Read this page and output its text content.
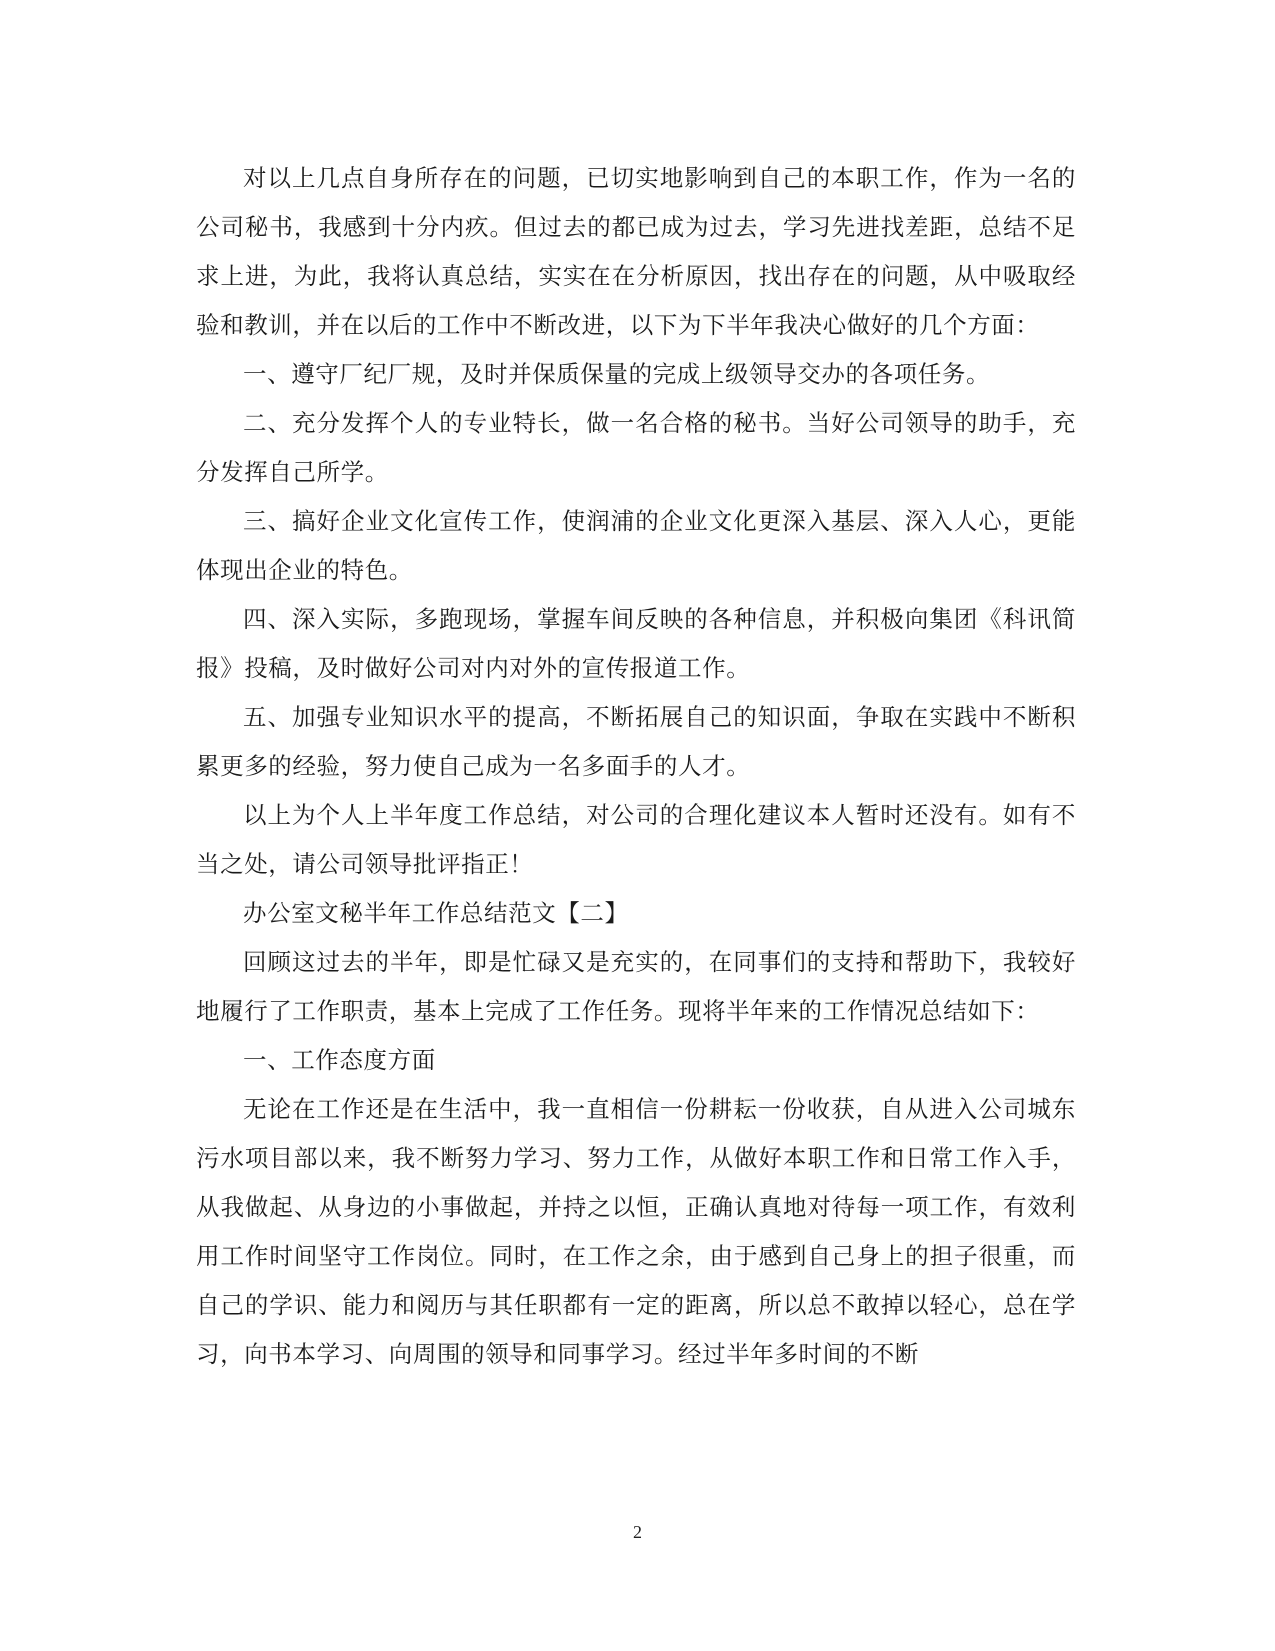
对以上几点自身所存在的问题，已切实地影响到自己的本职工作，作为一名的公司秘书，我感到十分内疚。但过去的都已成为过去，学习先进找差距，总结不足求上进，为此，我将认真总结，实实在在分析原因，找出存在的问题，从中吸取经验和教训，并在以后的工作中不断改进，以下为下半年我决心做好的几个方面：

一、遵守厂纪厂规，及时并保质保量的完成上级领导交办的各项任务。

二、充分发挥个人的专业特长，做一名合格的秘书。当好公司领导的助手，充分发挥自己所学。

三、搞好企业文化宣传工作，使润浦的企业文化更深入基层、深入人心，更能体现出企业的特色。

四、深入实际，多跑现场，掌握车间反映的各种信息，并积极向集团《科讯简报》投稿，及时做好公司对内对外的宣传报道工作。

五、加强专业知识水平的提高，不断拓展自己的知识面，争取在实践中不断积累更多的经验，努力使自己成为一名多面手的人才。

以上为个人上半年度工作总结，对公司的合理化建议本人暂时还没有。如有不当之处，请公司领导批评指正！

办公室文秘半年工作总结范文【二】

回顾这过去的半年，即是忙碌又是充实的，在同事们的支持和帮助下，我较好地履行了工作职责，基本上完成了工作任务。现将半年来的工作情况总结如下：

一、工作态度方面

无论在工作还是在生活中，我一直相信一份耕耘一份收获，自从进入公司城东污水项目部以来，我不断努力学习、努力工作，从做好本职工作和日常工作入手，从我做起、从身边的小事做起，并持之以恒，正确认真地对待每一项工作，有效利用工作时间坚守工作岗位。同时，在工作之余，由于感到自己身上的担子很重，而自己的学识、能力和阅历与其任职都有一定的距离，所以总不敢掉以轻心，总在学习，向书本学习、向周围的领导和同事学习。经过半年多时间的不断

2
